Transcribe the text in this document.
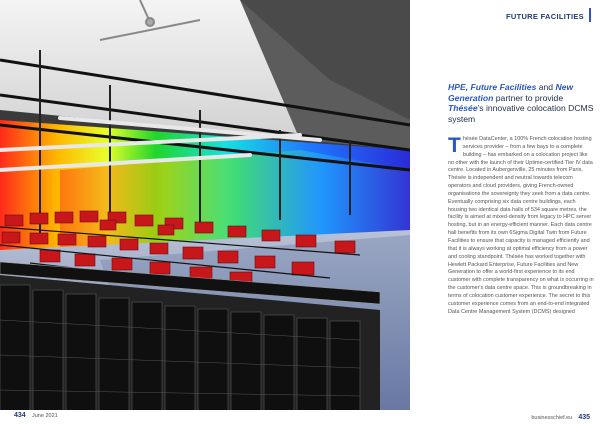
434 June 2021
FUTURE FACILITIES
HPE, Future Facilities and New Generation partner to provide Thésée's innovative colocation DCMS system
Thésée DataCenter, a 100% French colocation hosting services provider – from a few bays to a complete building – has embarked on a colocation project like no other with the launch of their Uptime-certified Tier IV data centre. Located in Aubergenville, 25 minutes from Paris, Thésée is independent and neutral towards telecom operators and cloud providers, giving French-owned organisations the sovereignty they seek from a data centre. Eventually comprising six data centre buildings, each housing two identical data halls of 534 square metres, the facility is aimed at mixed-density from legacy to HPC server hosting, but in an energy-efficient manner. Each data centre hall benefits from its own 6Sigma Digital Twin from Future Facilities to ensure that capacity is managed efficiently and that it is always working at optimal efficiency from a power and cooling standpoint. Thésée has worked together with Hewlett Packard Enterprise, Future Facilities and New Generation to offer a world-first experience to its end customer with complete transparency on what is occurring in the customer's data centre space. This is groundbreaking in terms of colocation customer experience. The secret to this customer experience comes from an end-to-end integrated Data Centre Management System (DCMS) designed
businesschief.eu 435
